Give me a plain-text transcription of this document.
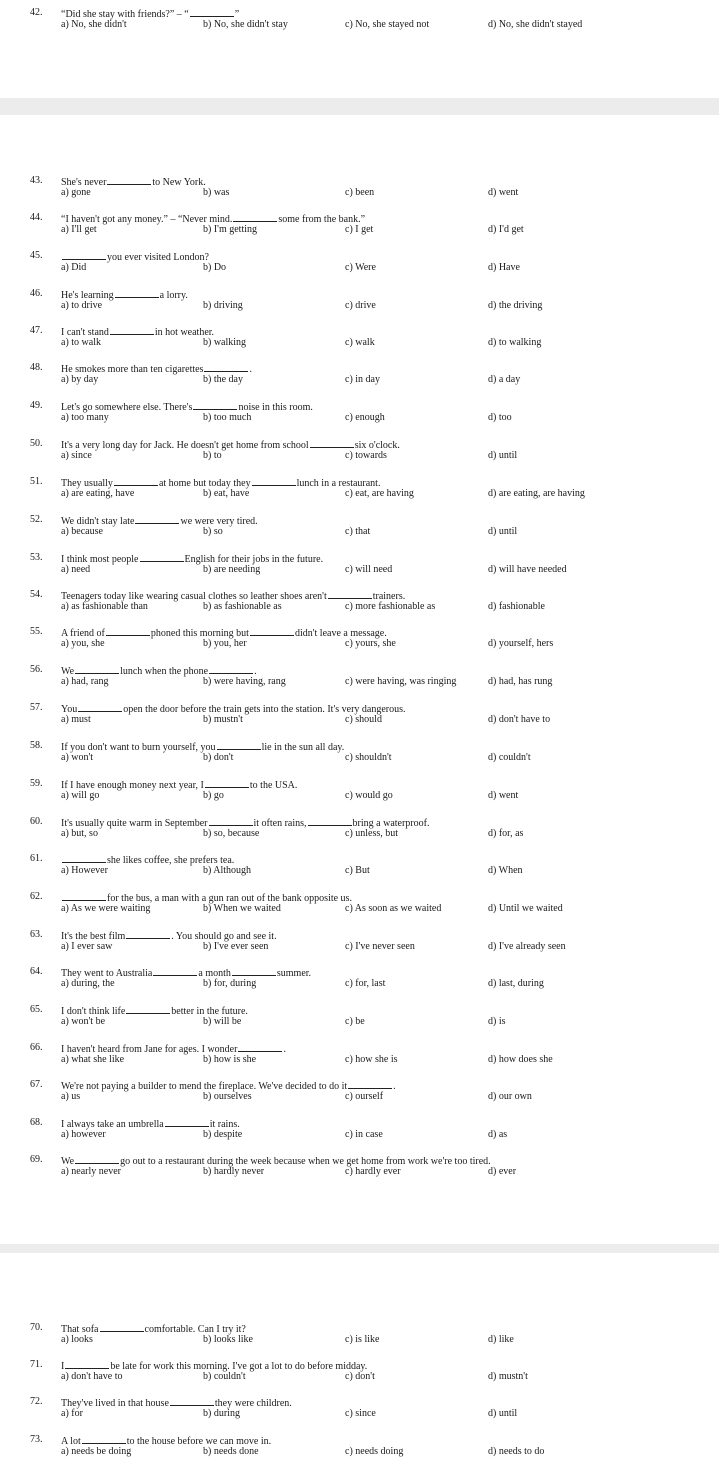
42. “Did she stay with friends?” – “	”
a) No, she didn't	b) No, she didn't stay	c) No, she stayed not	d) No, she didn't stayed
43. She's never	to New York.
a) gone	b) was	c) been	d) went
44. “I haven't got any money.” – “Never mind.	some from the bank.”
a) I'll get	b) I'm getting	c) I get	d) I'd get
45.	you ever visited London?
a) Did	b) Do	c) Were	d) Have
46. He's learning	a lorry.
a) to drive	b) driving	c) drive	d) the driving
47. I can't stand	in hot weather.
a) to walk	b) walking	c) walk	d) to walking
48. He smokes more than ten cigarettes	.
a) by day	b) the day	c) in day	d) a day
49. Let's go somewhere else. There's	noise in this room.
a) too many	b) too much	c) enough	d) too
50. It's a very long day for Jack. He doesn't get home from school	six o'clock.
a) since	b) to	c) towards	d) until
51. They usually	at home but today they	lunch in a restaurant.
a) are eating, have	b) eat, have	c) eat, are having	d) are eating, are having
52. We didn't stay late	we were very tired.
a) because	b) so	c) that	d) until
53. I think most people	English for their jobs in the future.
a) need	b) are needing	c) will need	d) will have needed
54. Teenagers today like wearing casual clothes so leather shoes aren't	trainers.
a) as fashionable than	b) as fashionable as	c) more fashionable as	d) fashionable
55. A friend of	phoned this morning but	didn't leave a message.
a) you, she	b) you, her	c) yours, she	d) yourself, hers
56. We	lunch when the phone	.
a) had, rang	b) were having, rang	c) were having, was ringing	d) had, has rung
57. You	open the door before the train gets into the station. It's very dangerous.
a) must	b) mustn't	c) should	d) don't have to
58. If you don't want to burn yourself, you	lie in the sun all day.
a) won't	b) don't	c) shouldn't	d) couldn't
59. If I have enough money next year, I	to the USA.
a) will go	b) go	c) would go	d) went
60. It's usually quite warm in September	it often rains,	bring a waterproof.
a) but, so	b) so, because	c) unless, but	d) for, as
61.	she likes coffee, she prefers tea.
a) However	b) Although	c) But	d) When
62.	for the bus, a man with a gun ran out of the bank opposite us.
a) As we were waiting	b) When we waited	c) As soon as we waited	d) Until we waited
63. It's the best film	. You should go and see it.
a) I ever saw	b) I've ever seen	c) I've never seen	d) I've already seen
64. They went to Australia	a month	summer.
a) during, the	b) for, during	c) for, last	d) last, during
65. I don't think life	better in the future.
a) won't be	b) will be	c) be	d) is
66. I haven't heard from Jane for ages. I wonder	.
a) what she like	b) how is she	c) how she is	d) how does she
67. We're not paying a builder to mend the fireplace. We've decided to do it	.
a) us	b) ourselves	c) ourself	d) our own
68. I always take an umbrella	it rains.
a) however	b) despite	c) in case	d) as
69. We	go out to a restaurant during the week because when we get home from work we're too tired.
a) nearly never	b) hardly never	c) hardly ever	d) ever
70. That sofa	comfortable. Can I try it?
a) looks	b) looks like	c) is like	d) like
71. I	be late for work this morning. I've got a lot to do before midday.
a) don't have to	b) couldn't	c) don't	d) mustn't
72. They've lived in that house	they were children.
a) for	b) during	c) since	d) until
73. A lot	to the house before we can move in.
a) needs be doing	b) needs done	c) needs doing	d) needs to do
